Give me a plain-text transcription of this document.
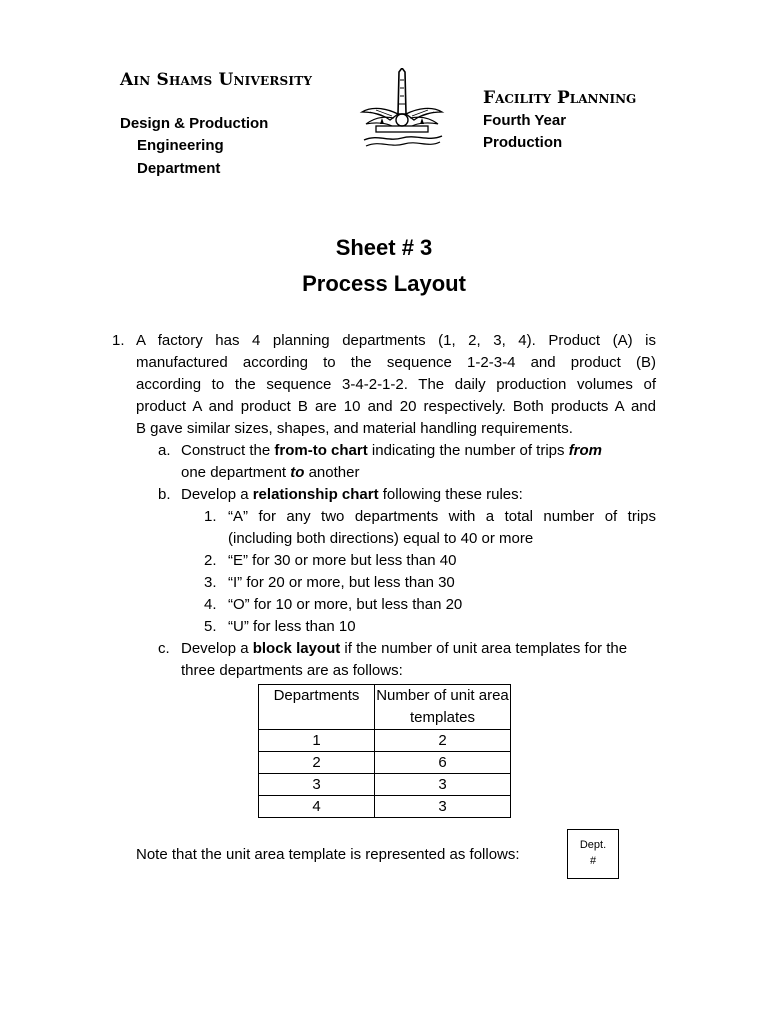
Ain Shams University
Design & Production
Engineering
Department
Facility Planning
Fourth Year
Production
Sheet # 3
Process Layout
1. A factory has 4 planning departments (1, 2, 3, 4). Product (A) is

manufactured according to the sequence 1-2-3-4 and product (B)

according to the sequence 3-4-2-1-2. The daily production volumes of

product A and product B are 10 and 20 respectively. Both products A and

B gave similar sizes, shapes, and material handling requirements.

a. Construct the from-to chart indicating the number of trips from
one department to another
b. Develop a relationship chart following these rules:
1. “A” for any two departments with a total number of trips
(including both directions) equal to 40 or more
2. “E” for 30 or more but less than 40
3. “I” for 20 or more, but less than 30
4. “O” for 10 or more, but less than 20
5. “U” for less than 10
c. Develop a block layout if the number of unit area templates for the
three departments are as follows:
Departments	Number of unit area templates
1	2
2	6
3	3
4	3
Note that the unit area template is represented as follows:
Dept.
#
